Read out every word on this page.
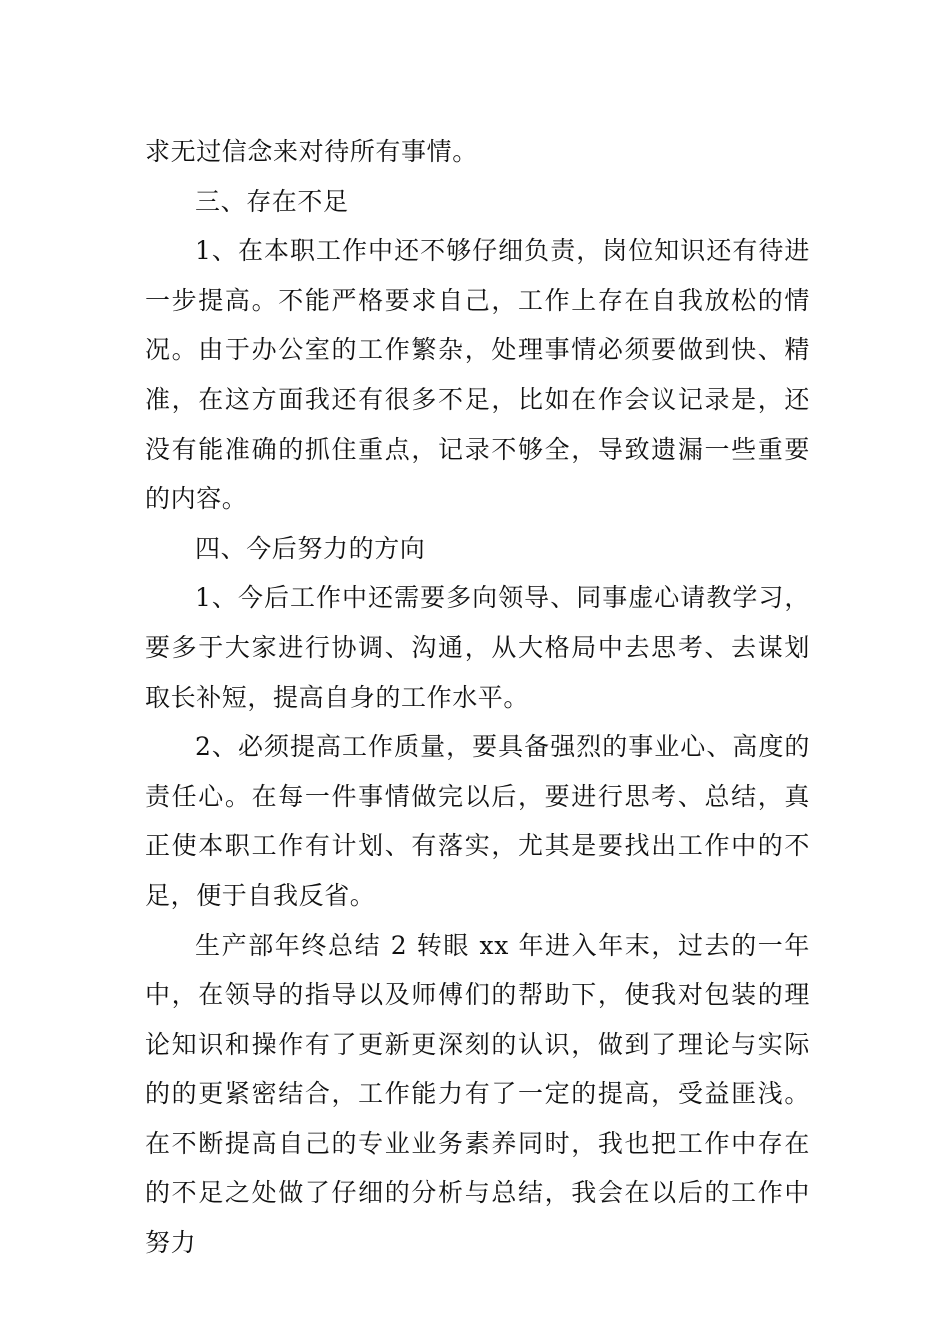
求无过信念来对待所有事情。

三、存在不足

1、在本职工作中还不够仔细负责，岗位知识还有待进一步提高。不能严格要求自己，工作上存在自我放松的情况。由于办公室的工作繁杂，处理事情必须要做到快、精准，在这方面我还有很多不足，比如在作会议记录是，还没有能准确的抓住重点，记录不够全，导致遗漏一些重要的内容。

四、今后努力的方向

1、今后工作中还需要多向领导、同事虚心请教学习，要多于大家进行协调、沟通，从大格局中去思考、去谋划取长补短，提高自身的工作水平。

2、必须提高工作质量，要具备强烈的事业心、高度的责任心。在每一件事情做完以后，要进行思考、总结，真正使本职工作有计划、有落实，尤其是要找出工作中的不足，便于自我反省。

生产部年终总结 2 转眼 xx 年进入年末，过去的一年中，在领导的指导以及师傅们的帮助下，使我对包装的理论知识和操作有了更新更深刻的认识，做到了理论与实际的的更紧密结合，工作能力有了一定的提高，受益匪浅。在不断提高自己的专业业务素养同时，我也把工作中存在的不足之处做了仔细的分析与总结，我会在以后的工作中努力
